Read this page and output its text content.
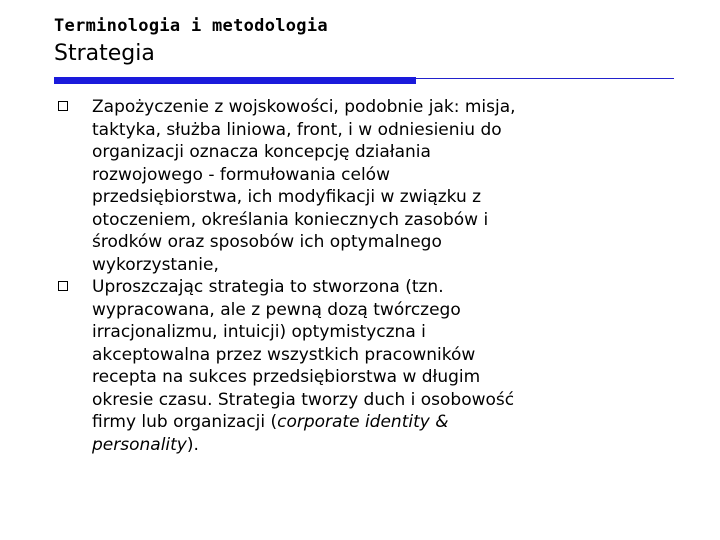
Terminologia i metodologia
Strategia
Zapożyczenie z wojskowości, podobnie jak: misja,
taktyka, służba liniowa, front, i w odniesieniu do
organizacji oznacza koncepcję działania
rozwojowego - formułowania celów
przedsiębiorstwa, ich modyfikacji w związku z
otoczeniem, określania koniecznych zasobów i
środków oraz sposobów ich optymalnego
wykorzystanie,
Uproszczając strategia to stworzona (tzn.
wypracowana, ale z pewną dozą twórczego
irracjonalizmu, intuicji) optymistyczna i
akceptowalna przez wszystkich pracowników
recepta na sukces przedsiębiorstwa w długim
okresie czasu. Strategia tworzy duch i osobowość
firmy lub organizacji (corporate identity &
personality).
